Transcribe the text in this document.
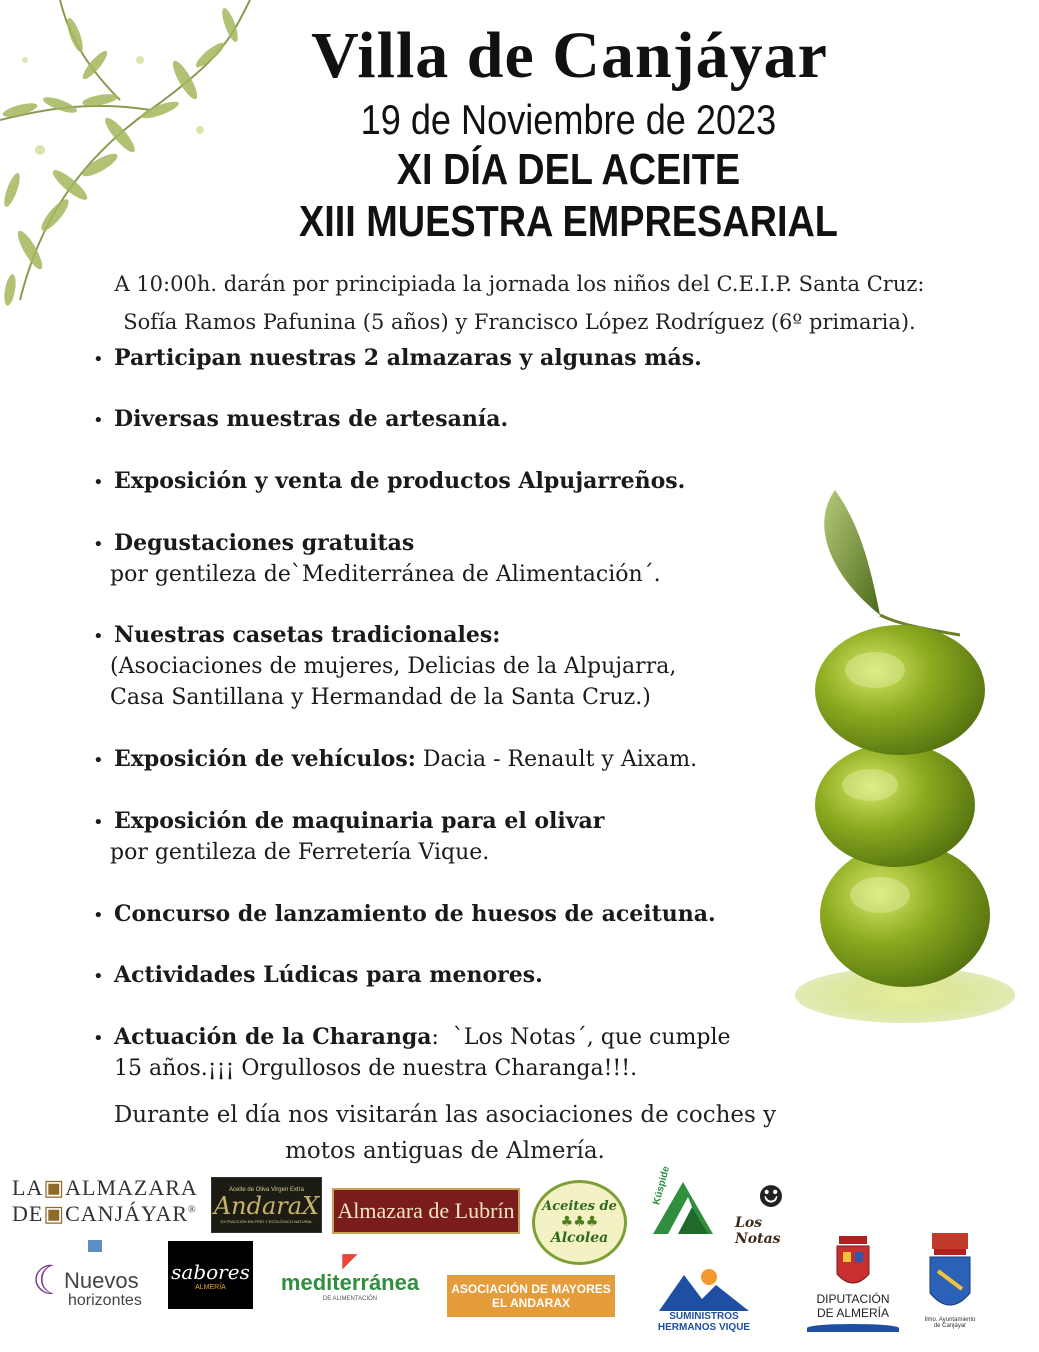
Villa de Canjáyar
19 de Noviembre de 2023
XI DÍA DEL ACEITE
XIII MUESTRA EMPRESARIAL
A 10:00h. darán por principiada la jornada los niños del C.E.I.P. Santa Cruz:
Sofía Ramos Pafunina (5 años) y Francisco López Rodríguez (6º primaria).
• Participan nuestras 2 almazaras y algunas más.
• Diversas muestras de artesanía.
• Exposición y venta de productos Alpujarreños.
• Degustaciones gratuitas
por gentileza de`Mediterránea de Alimentación´.
• Nuestras casetas tradicionales:
(Asociaciones de mujeres, Delicias de la Alpujarra,
Casa Santillana y Hermandad de la Santa Cruz.)
• Exposición de vehículos: Dacia - Renault y Aixam.
• Exposición de maquinaria para el olivar
por gentileza de Ferretería Vique.
• Concurso de lanzamiento de huesos de aceituna.
• Actividades Lúdicas para menores.
• Actuación de la Charanga:  `Los Notas´, que cumple
15 años.¡¡¡ Orgullosos de nuestra Charanga!!!.
Durante el día nos visitarán las asociaciones de coches y
motos antiguas de Almería.
LA▣ALMAZARA
DE▣CANJÁYAR®
Aceite de Oliva Virgen Extra
AndaraX
EXTRACCIÓN EN FRÍO Y ECOLÓGICO NATURAL Almazara de Lubrín Aceites de
♣♣♣
Alcolea
Kúspide	☻
Los Notas
☾
Nuevos
horizontes
sabores
ALMERÍA
◤
mediterránea
DE ALIMENTACIÓN
ASOCIACIÓN DE MAYORES
EL ANDARAX
SUMINISTROS
HERMANOS VIQUE
DIPUTACIÓN
DE ALMERÍA	Ilmo. Ayuntamiento
de Canjáyar
